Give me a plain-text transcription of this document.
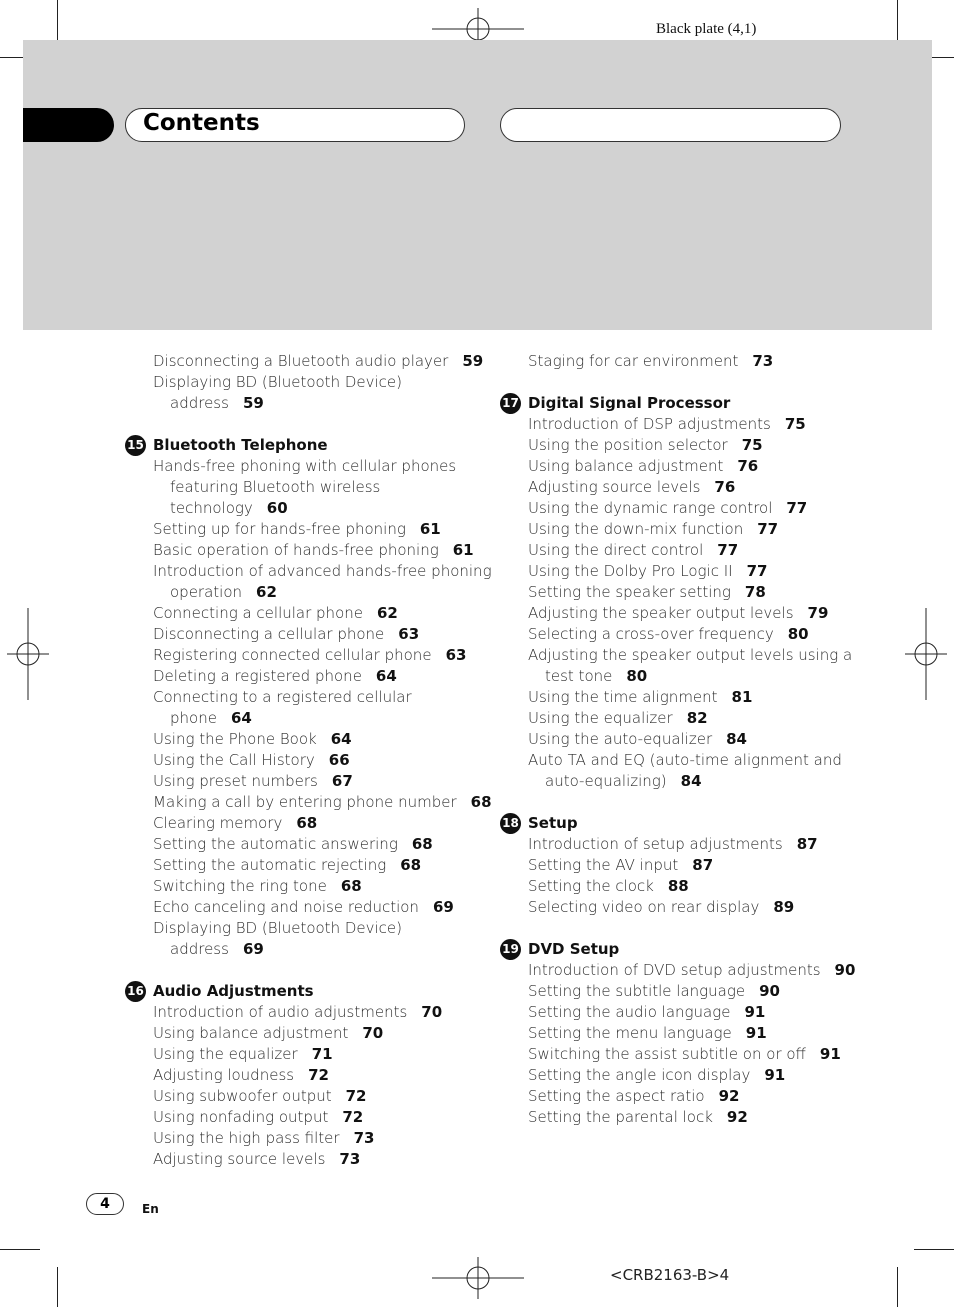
Black plate (4,1)
Contents
Disconnecting a Bluetooth audio player 59
Displaying BD (Bluetooth Device)
address 59
15 Bluetooth Telephone
Hands-free phoning with cellular phones
featuring Bluetooth wireless
technology 60
Setting up for hands-free phoning 61
Basic operation of hands-free phoning 61
Introduction of advanced hands-free phoning
operation 62
Connecting a cellular phone 62
Disconnecting a cellular phone 63
Registering connected cellular phone 63
Deleting a registered phone 64
Connecting to a registered cellular
phone 64
Using the Phone Book 64
Using the Call History 66
Using preset numbers 67
Making a call by entering phone number 68
Clearing memory 68
Setting the automatic answering 68
Setting the automatic rejecting 68
Switching the ring tone 68
Echo canceling and noise reduction 69
Displaying BD (Bluetooth Device)
address 69
16 Audio Adjustments
Introduction of audio adjustments 70
Using balance adjustment 70
Using the equalizer 71
Adjusting loudness 72
Using subwoofer output 72
Using nonfading output 72
Using the high pass filter 73
Adjusting source levels 73
Staging for car environment 73
17 Digital Signal Processor
Introduction of DSP adjustments 75
Using the position selector 75
Using balance adjustment 76
Adjusting source levels 76
Using the dynamic range control 77
Using the down-mix function 77
Using the direct control 77
Using the Dolby Pro Logic II 77
Setting the speaker setting 78
Adjusting the speaker output levels 79
Selecting a cross-over frequency 80
Adjusting the speaker output levels using a
test tone 80
Using the time alignment 81
Using the equalizer 82
Using the auto-equalizer 84
Auto TA and EQ (auto-time alignment and
auto-equalizing) 84
18 Setup
Introduction of setup adjustments 87
Setting the AV input 87
Setting the clock 88
Selecting video on rear display 89
19 DVD Setup
Introduction of DVD setup adjustments 90
Setting the subtitle language 90
Setting the audio language 91
Setting the menu language 91
Switching the assist subtitle on or off 91
Setting the angle icon display 91
Setting the aspect ratio 92
Setting the parental lock 92
4	En
<CRB2163-B>4
